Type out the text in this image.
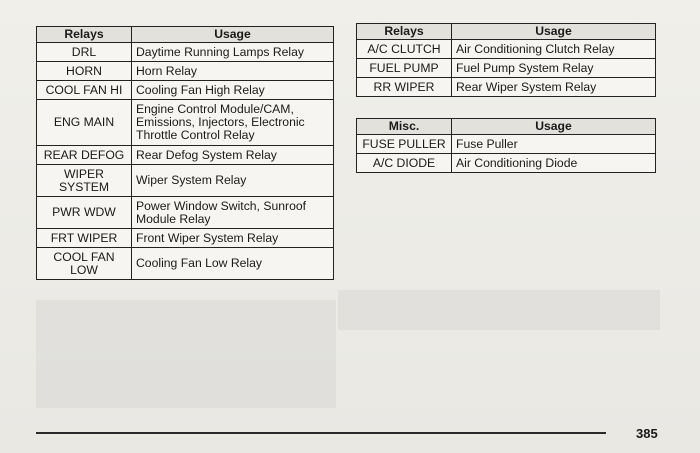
Relays	Usage
DRL	Daytime Running Lamps Relay
HORN	Horn Relay
COOL FAN HI	Cooling Fan High Relay
ENG MAIN	Engine Control Module/CAM, Emissions, Injectors, Electronic Throttle Control Relay
REAR DEFOG	Rear Defog System Relay
WIPER SYSTEM	Wiper System Relay
PWR WDW	Power Window Switch, Sunroof Module Relay
FRT WIPER	Front Wiper System Relay
COOL FAN LOW	Cooling Fan Low Relay
Relays	Usage
A/C CLUTCH	Air Conditioning Clutch Relay
FUEL PUMP	Fuel Pump System Relay
RR WIPER	Rear Wiper System Relay
Misc.	Usage
FUSE PULLER	Fuse Puller
A/C DIODE	Air Conditioning Diode
385
